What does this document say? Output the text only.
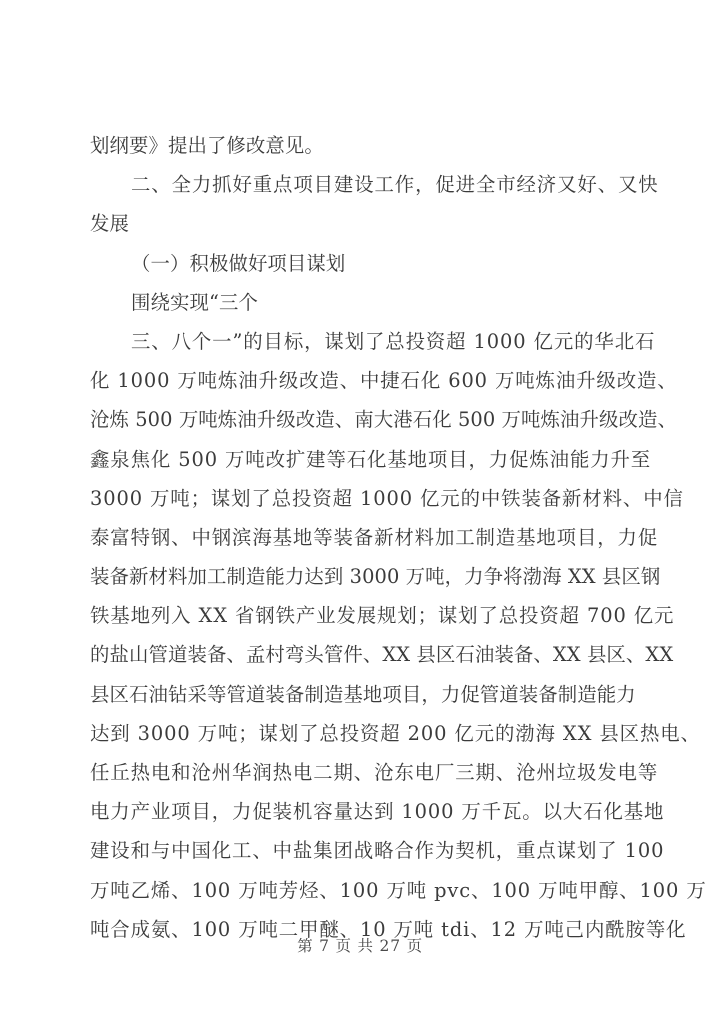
划纲要》提出了修改意见。
二、全力抓好重点项目建设工作，促进全市经济又好、又快
发展
（一）积极做好项目谋划
围绕实现“三个
三、八个一”的目标，谋划了总投资超 1000 亿元的华北石
化 1000 万吨炼油升级改造、中捷石化 600 万吨炼油升级改造、
沧炼 500 万吨炼油升级改造、南大港石化 500 万吨炼油升级改造、
鑫泉焦化 500 万吨改扩建等石化基地项目，力促炼油能力升至
3000 万吨；谋划了总投资超 1000 亿元的中铁装备新材料、中信
泰富特钢、中钢滨海基地等装备新材料加工制造基地项目，力促
装备新材料加工制造能力达到 3000 万吨，力争将渤海 XX 县区钢
铁基地列入 XX 省钢铁产业发展规划；谋划了总投资超 700 亿元
的盐山管道装备、孟村弯头管件、XX 县区石油装备、XX 县区、XX
县区石油钻采等管道装备制造基地项目，力促管道装备制造能力
达到 3000 万吨；谋划了总投资超 200 亿元的渤海 XX 县区热电、
任丘热电和沧州华润热电二期、沧东电厂三期、沧州垃圾发电等
电力产业项目，力促装机容量达到 1000 万千瓦。以大石化基地
建设和与中国化工、中盐集团战略合作为契机，重点谋划了 100
万吨乙烯、100 万吨芳烃、100 万吨 pvc、100 万吨甲醇、100 万
吨合成氨、100 万吨二甲醚、10 万吨 tdi、12 万吨己内酰胺等化
第 7 页 共 27 页
